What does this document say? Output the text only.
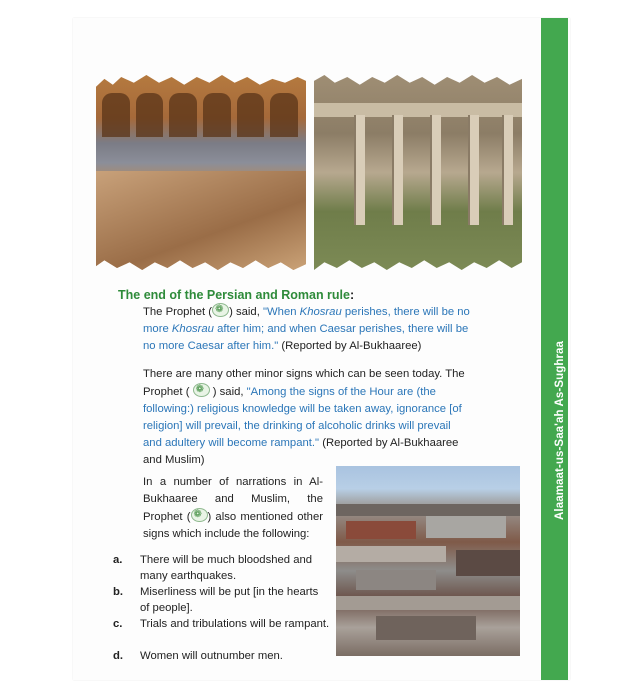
Alaamaat-us-Saa'ah As-Sughraa
The end of the Persian and Roman rule:
The Prophet ( ❁ ) said, "When Khosrau perishes, there will be no more Khosrau after him; and when Caesar perishes, there will be no more Caesar after him." (Reported by Al-Bukhaaree)
There are many other minor signs which can be seen today. The Prophet ( ❁ ) said, "Among the signs of the Hour are (the following:) religious knowledge will be taken away, ignorance [of religion] will prevail, the drinking of alcoholic drinks will prevail and adultery will become rampant." (Reported by Al-Bukhaaree and Muslim)
In a number of narrations in Al-Bukhaaree and Muslim, the Prophet ( ❁ ) also mentioned other signs which include the following:
a.	There will be much bloodshed and many earthquakes.
b.	Miserliness will be put [in the hearts of people].
c.	Trials and tribulations will be rampant.
d.	Women will outnumber men.
